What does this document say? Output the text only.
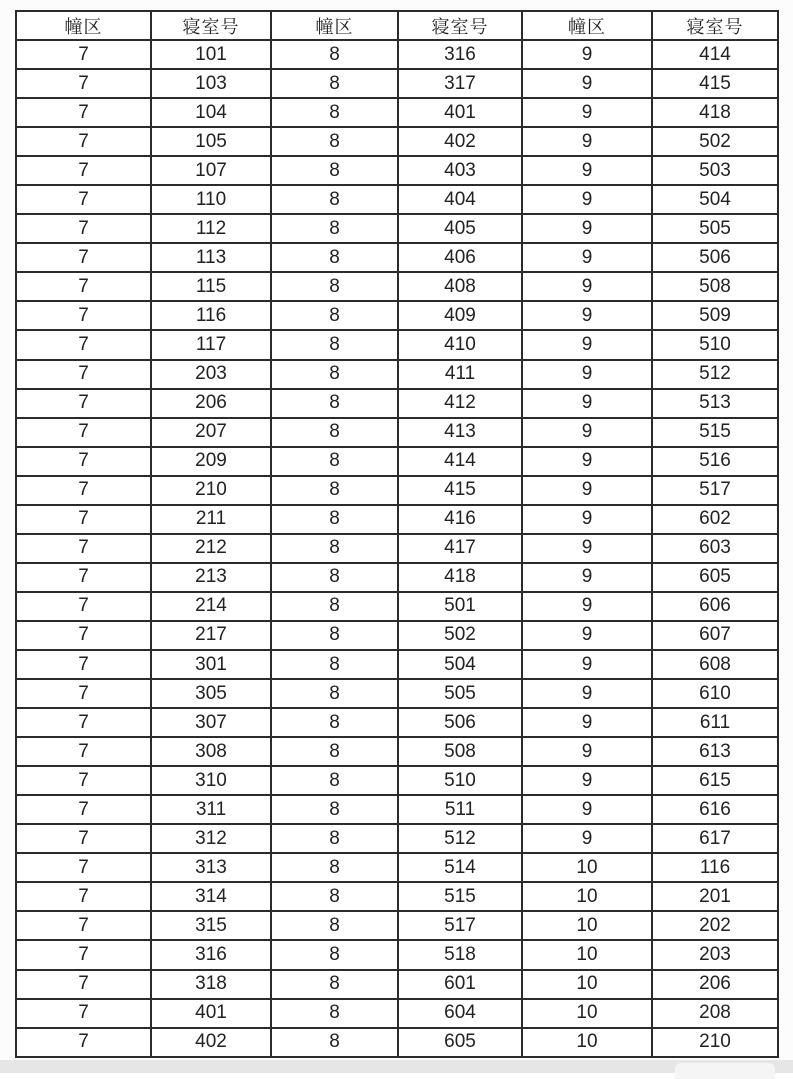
幢区	寝室号	幢区	寝室号	幢区	寝室号
7	101	8	316	9	414
7	103	8	317	9	415
7	104	8	401	9	418
7	105	8	402	9	502
7	107	8	403	9	503
7	110	8	404	9	504
7	112	8	405	9	505
7	113	8	406	9	506
7	115	8	408	9	508
7	116	8	409	9	509
7	117	8	410	9	510
7	203	8	411	9	512
7	206	8	412	9	513
7	207	8	413	9	515
7	209	8	414	9	516
7	210	8	415	9	517
7	211	8	416	9	602
7	212	8	417	9	603
7	213	8	418	9	605
7	214	8	501	9	606
7	217	8	502	9	607
7	301	8	504	9	608
7	305	8	505	9	610
7	307	8	506	9	611
7	308	8	508	9	613
7	310	8	510	9	615
7	311	8	511	9	616
7	312	8	512	9	617
7	313	8	514	10	116
7	314	8	515	10	201
7	315	8	517	10	202
7	316	8	518	10	203
7	318	8	601	10	206
7	401	8	604	10	208
7	402	8	605	10	210
